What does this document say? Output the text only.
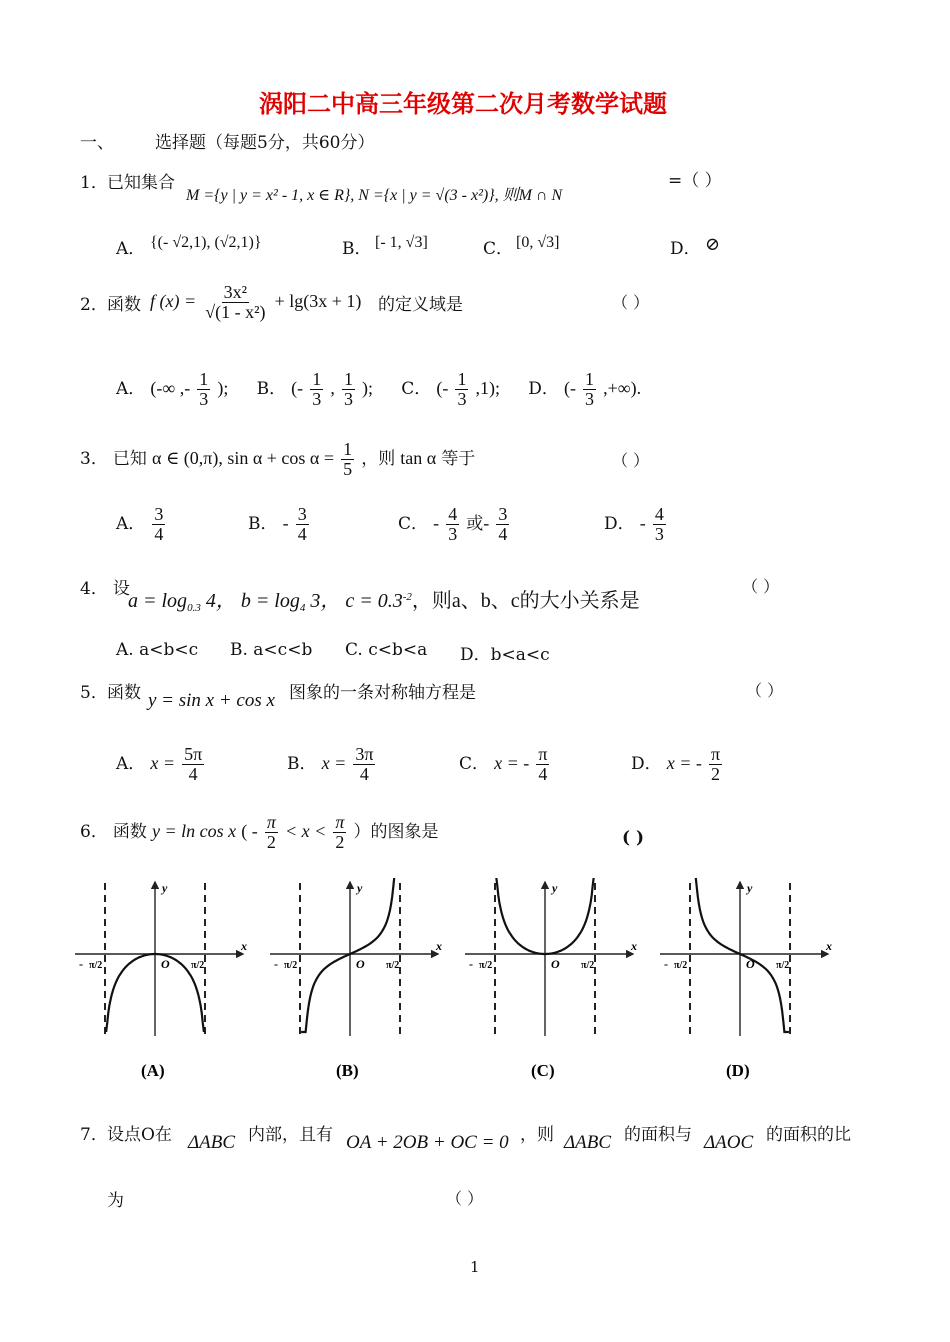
涡阳二中高三年级第二次月考数学试题
一、 选择题（每题5分，共60分）
1． 已知集合
M ={y | y = x² - 1, x ∈ R}, N ={x | y = √(3 - x²)}, 则M ∩ N
=（ ）
A． {(- √2,1), (√2,1)}	B． [- 1, √3]	C． [0, √3]	D． ⊘
2． 函数 f $(x) = \frac{\text{3x²}}{\text{√(1 - x²)}} + \lg(3x + 1)$ 的定义域是	（ ）
A． (-∞ ,- $\frac{1}{3}$ ); B． (- $\frac{1}{3}$ , $\frac{1}{3}$ ); C． (- $\frac{1}{3} ,1$); D． (- $\frac{1}{3}$ ,+∞).
3． 已知 α ∈ (0,π), $\sin \alpha + \cos \alpha = \frac{1}{5}$ ，则 tan α 等于	（ ）
A． $\frac{3}{4}$	B． - $\frac{3}{4}$	C． - $\frac{4}{3}$ 或- $\frac{3}{4}$	D． - $\frac{4}{3}$
4． 设
$a = \log_{0.3} 4$， $b = \log_4 3$， $c = 0.3^{-2}$，则a、b、c的大小关系是
（ ）
A. a<b<c B. a<c<b C. c<b<a D．b<a<c
5． 函数 y = sin x + cos x 图象的一条对称轴方程是	（ ）
A． $x = \frac{5\pi}{4}$	B． $x = \frac{3\pi}{4}$	C． x = - $\frac{\pi}{4}$	D． x = - $\frac{\pi}{2}$
6． 函数 y = ln cos x ( - $\frac{\pi}{2} < x < \frac{\pi}{2}$ ）的图象是	( )
y
x
O
- π/2	π/2
(A)
y
x
O
- π/2	π/2
(B)
y
x
O
- π/2	π/2
(C)
y
x
O
- π/2	π/2
(D)
7． 设点O在 ΔABC 内部，且有 OA + 2OB + OC = 0 ，则 ΔABC 的面积与 ΔAOC 的面积的比
为	（ ）
1
